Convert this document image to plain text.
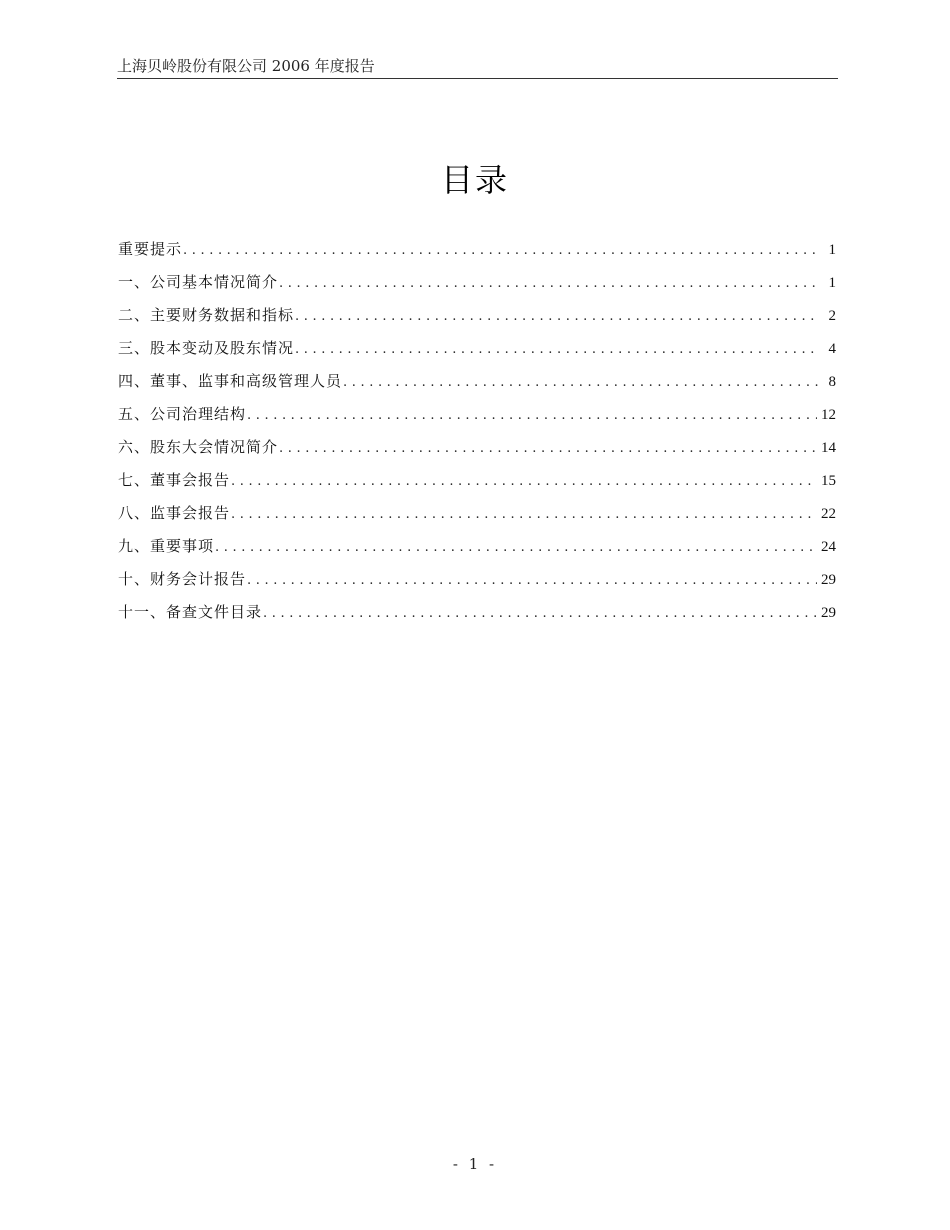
上海贝岭股份有限公司 2006 年度报告
目录
重要提示 .....	1
一、公司基本情况简介 .....	1
二、主要财务数据和指标 .....	2
三、股本变动及股东情况 .....	4
四、董事、监事和高级管理人员 .....	8
五、公司治理结构 .....	12
六、股东大会情况简介 .....	14
七、董事会报告 .....	15
八、监事会报告 .....	22
九、重要事项 .....	24
十、财务会计报告 .....	29
十一、备查文件目录 .....	29
- 1 -
